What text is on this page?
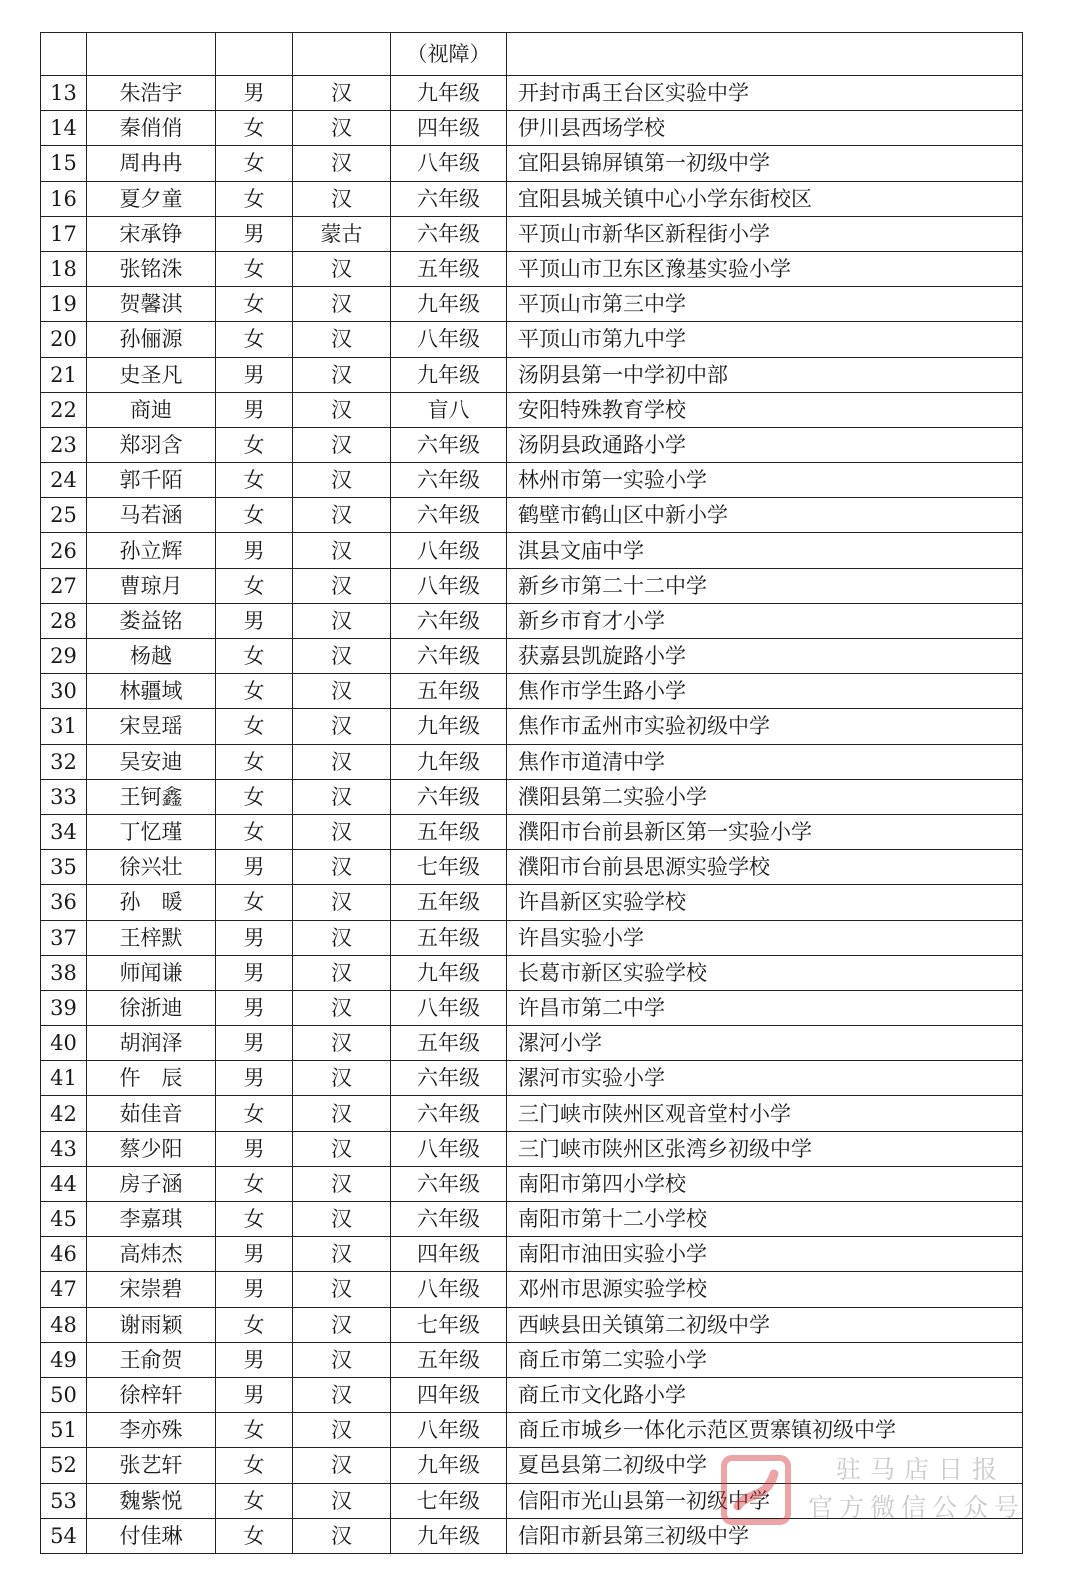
				（视障）	
13	朱浩宇	男	汉	九年级	开封市禹王台区实验中学
14	秦俏俏	女	汉	四年级	伊川县西场学校
15	周冉冉	女	汉	八年级	宜阳县锦屏镇第一初级中学
16	夏夕童	女	汉	六年级	宜阳县城关镇中心小学东街校区
17	宋承铮	男	蒙古	六年级	平顶山市新华区新程街小学
18	张铭洙	女	汉	五年级	平顶山市卫东区豫基实验小学
19	贺馨淇	女	汉	九年级	平顶山市第三中学
20	孙俪源	女	汉	八年级	平顶山市第九中学
21	史圣凡	男	汉	九年级	汤阴县第一中学初中部
22	商迪	男	汉	盲八	安阳特殊教育学校
23	郑羽含	女	汉	六年级	汤阴县政通路小学
24	郭千陌	女	汉	六年级	林州市第一实验小学
25	马若涵	女	汉	六年级	鹤壁市鹤山区中新小学
26	孙立辉	男	汉	八年级	淇县文庙中学
27	曹琼月	女	汉	八年级	新乡市第二十二中学
28	娄益铭	男	汉	六年级	新乡市育才小学
29	杨越	女	汉	六年级	获嘉县凯旋路小学
30	林疆域	女	汉	五年级	焦作市学生路小学
31	宋昱瑶	女	汉	九年级	焦作市孟州市实验初级中学
32	吴安迪	女	汉	九年级	焦作市道清中学
33	王钶鑫	女	汉	六年级	濮阳县第二实验小学
34	丁忆瑾	女	汉	五年级	濮阳市台前县新区第一实验小学
35	徐兴壮	男	汉	七年级	濮阳市台前县思源实验学校
36	孙　暖	女	汉	五年级	许昌新区实验学校
37	王梓默	男	汉	五年级	许昌实验小学
38	师闻谦	男	汉	九年级	长葛市新区实验学校
39	徐浙迪	男	汉	八年级	许昌市第二中学
40	胡润泽	男	汉	五年级	漯河小学
41	仵　辰	男	汉	六年级	漯河市实验小学
42	茹佳音	女	汉	六年级	三门峡市陕州区观音堂村小学
43	蔡少阳	男	汉	八年级	三门峡市陕州区张湾乡初级中学
44	房子涵	女	汉	六年级	南阳市第四小学校
45	李嘉琪	女	汉	六年级	南阳市第十二小学校
46	高炜杰	男	汉	四年级	南阳市油田实验小学
47	宋崇碧	男	汉	八年级	邓州市思源实验学校
48	谢雨颖	女	汉	七年级	西峡县田关镇第二初级中学
49	王俞贺	男	汉	五年级	商丘市第二实验小学
50	徐梓轩	男	汉	四年级	商丘市文化路小学
51	李亦殊	女	汉	八年级	商丘市城乡一体化示范区贾寨镇初级中学
52	张艺轩	女	汉	九年级	夏邑县第二初级中学
53	魏紫悦	女	汉	七年级	信阳市光山县第一初级中学
54	付佳琳	女	汉	九年级	信阳市新县第三初级中学
驻马店日报
官方微信公众号
